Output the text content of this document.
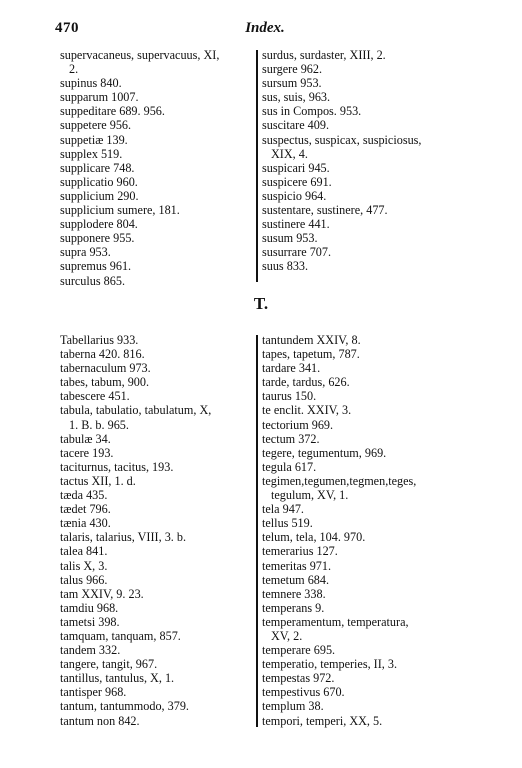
470	Index.
supervacaneus, supervacuus, XI,
2.
supinus 840.
supparum 1007.
suppeditare 689. 956.
suppetere 956.
suppetiæ 139.
supplex 519.
supplicare 748.
supplicatio 960.
supplicium 290.
supplicium sumere, 181.
supplodere 804.
supponere 955.
supra 953.
supremus 961.
surculus 865.
surdus, surdaster, XIII, 2.
surgere 962.
sursum 953.
sus, suis, 963.
sus in Compos. 953.
suscitare 409.
suspectus, suspicax, suspiciosus,
XIX, 4.
suspicari 945.
suspicere 691.
suspicio 964.
sustentare, sustinere, 477.
sustinere 441.
susum 953.
susurrare 707.
suus 833.
T.
Tabellarius 933.
taberna 420. 816.
tabernaculum 973.
tabes, tabum, 900.
tabescere 451.
tabula, tabulatio, tabulatum, X,
1. B. b. 965.
tabulæ 34.
tacere 193.
taciturnus, tacitus, 193.
tactus XII, 1. d.
tæda 435.
tædet 796.
tænia 430.
talaris, talarius, VIII, 3. b.
talea 841.
talis X, 3.
talus 966.
tam XXIV, 9. 23.
tamdiu 968.
tametsi 398.
tamquam, tanquam, 857.
tandem 332.
tangere, tangit, 967.
tantillus, tantulus, X, 1.
tantisper 968.
tantum, tantummodo, 379.
tantum non 842.
tantundem XXIV, 8.
tapes, tapetum, 787.
tardare 341.
tarde, tardus, 626.
taurus 150.
te enclit. XXIV, 3.
tectorium 969.
tectum 372.
tegere, tegumentum, 969.
tegula 617.
tegimen,tegumen,tegmen,teges,
tegulum, XV, 1.
tela 947.
tellus 519.
telum, tela, 104. 970.
temerarius 127.
temeritas 971.
temetum 684.
temnere 338.
temperans 9.
temperamentum, temperatura,
XV, 2.
temperare 695.
temperatio, temperies, II, 3.
tempestas 972.
tempestivus 670.
templum 38.
tempori, temperi, XX, 5.
